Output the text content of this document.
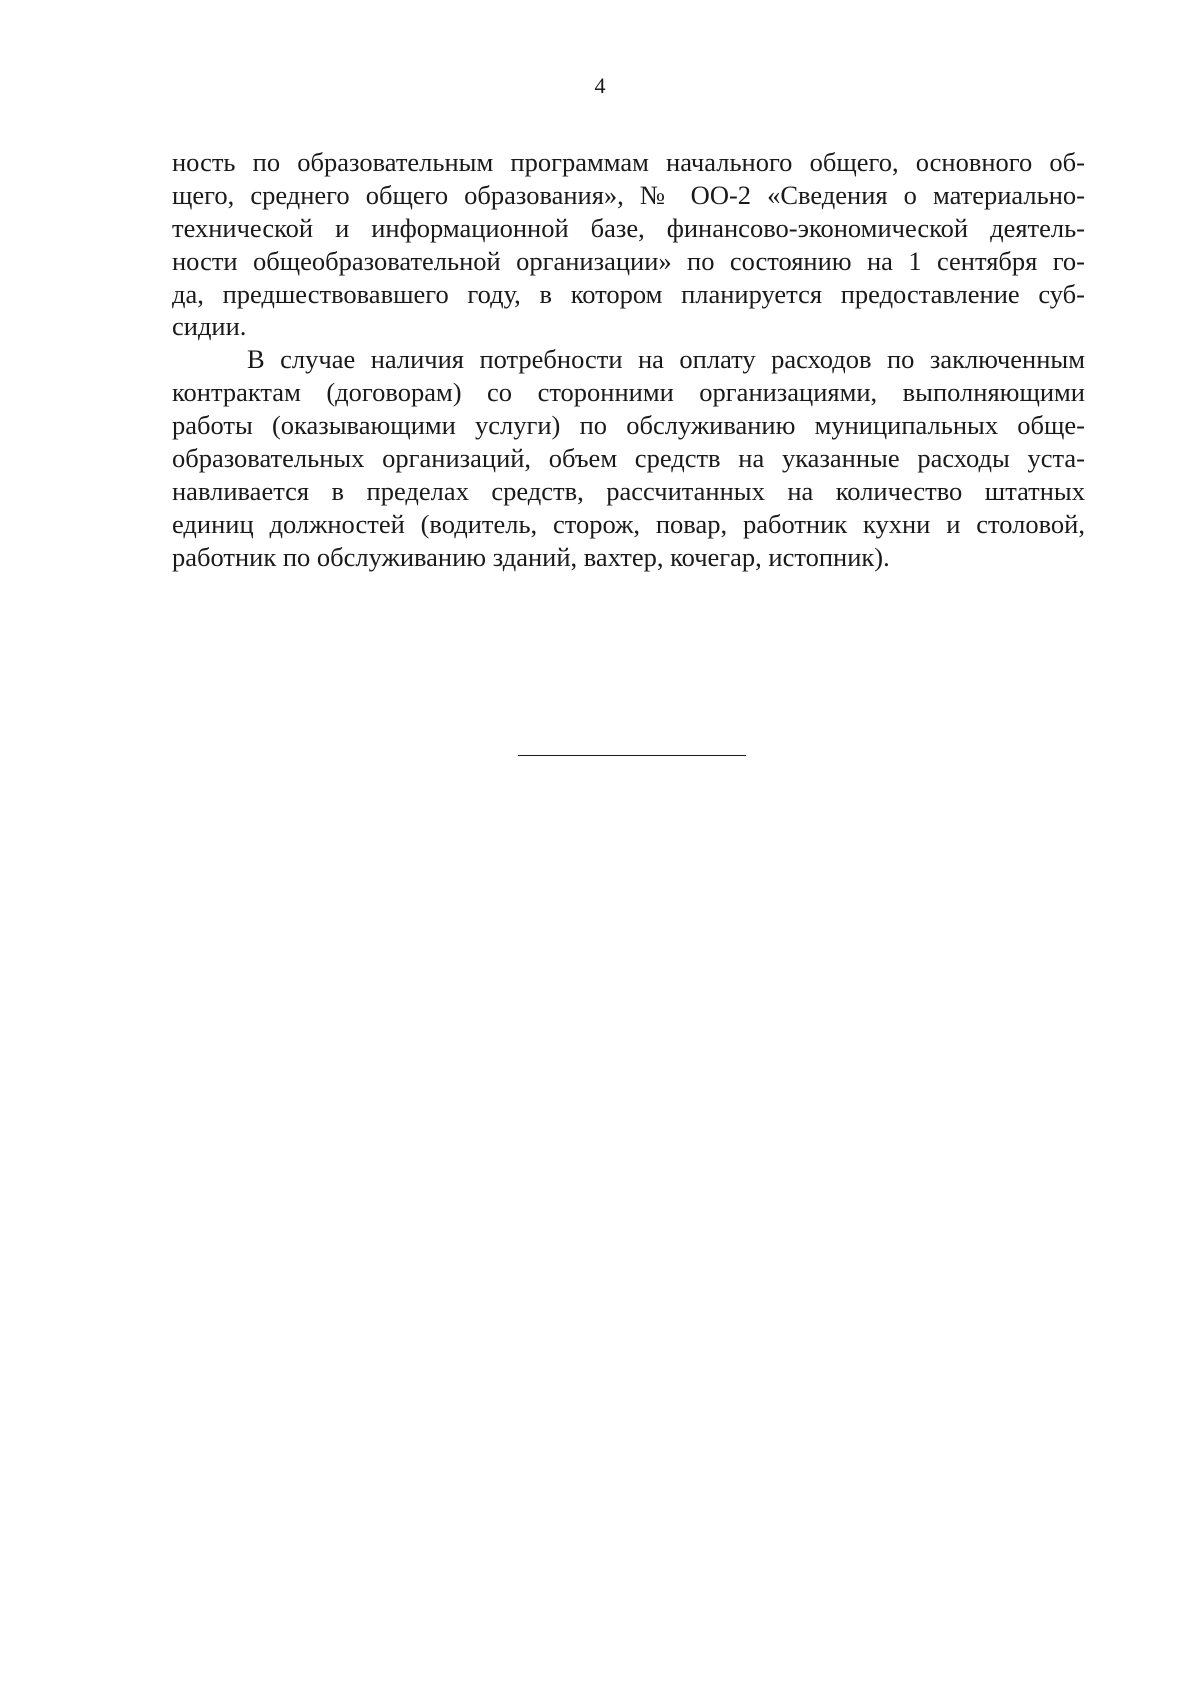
4
ность по образовательным программам начального общего, основного об-
щего, среднего общего образования», № ОО-2 «Сведения о материально-
технической и информационной базе, финансово-экономической деятель-
ности общеобразовательной организации» по состоянию на 1 сентября го-
да, предшествовавшего году, в котором планируется предоставление суб-
сидии.
В случае наличия потребности на оплату расходов по заключенным
контрактам (договорам) со сторонними организациями, выполняющими
работы (оказывающими услуги) по обслуживанию муниципальных обще-
образовательных организаций, объем средств на указанные расходы уста-
навливается в пределах средств, рассчитанных на количество штатных
единиц должностей (водитель, сторож, повар, работник кухни и столовой,
работник по обслуживанию зданий, вахтер, кочегар, истопник).
